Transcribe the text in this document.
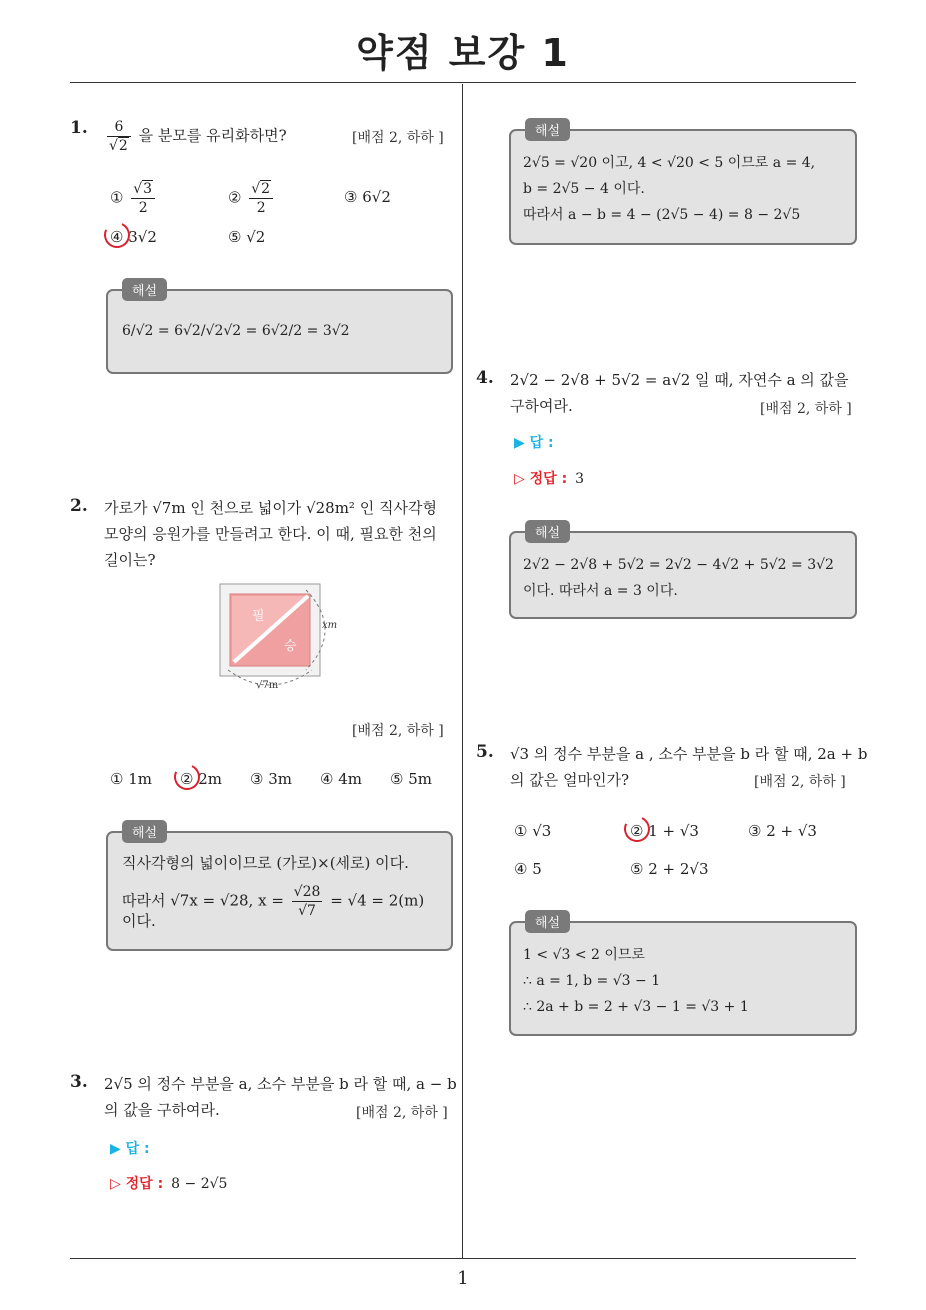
약점 보강 1
1
1. 6
√ 2 을 분모를 유리화하면?	[배점 2, 하하 ]
① √ $\frac{3}{2}$	② √ $\frac{2}{2}$	③ 6√2
④ 3√2	⑤ √2
해설
6/√2 = 6√2/√2√2 = 6√2/2 = 3√2
2. 가로가 √7m 인 천으로 넓이가 √28m² 인 직사각형
모양의 응원가를 만들려고 한다. 이 때, 필요한 천의
길이는?
필
승
xm
√7m
[배점 2, 하하 ]
① 1m ② 2m ③ 3m ④ 4m ⑤ 5m
해설
직사각형의 넓이이므로 (가로)×(세로) 이다.
따라서 √7x = √28, $x = \frac{√28}{√7} = √4 = 2(m)$
이다.
3. 2√5 의 정수 부분을 a, 소수 부분을 b 라 할 때, a − b
의 값을 구하여라.	[배점 2, 하하 ]
▶ 답 :
▷ 정답 : 8 − 2√5
해설
2√5 = √20 이고, 4 < √20 < 5 이므로 a = 4,
b = 2√5 − 4 이다.
따라서 a − b = 4 − (2√5 − 4) = 8 − 2√5
4. 2√2 − 2√8 + 5√2 = a√2 일 때, 자연수 a 의 값을
구하여라.	[배점 2, 하하 ]
▶ 답 :
▷ 정답 : 3
해설
2√2 − 2√8 + 5√2 = 2√2 − 4√2 + 5√2 = 3√2
이다. 따라서 a = 3 이다.
5. √3 의 정수 부분을 a , 소수 부분을 b 라 할 때, 2a + b
의 값은 얼마인가?	[배점 2, 하하 ]
① √3	② 1 + √3	③ 2 + √3
④ 5	⑤ 2 + 2√3
해설
1 < √3 < 2 이므로
∴ a = 1, b = √3 − 1
∴ 2a + b = 2 + √3 − 1 = √3 + 1
